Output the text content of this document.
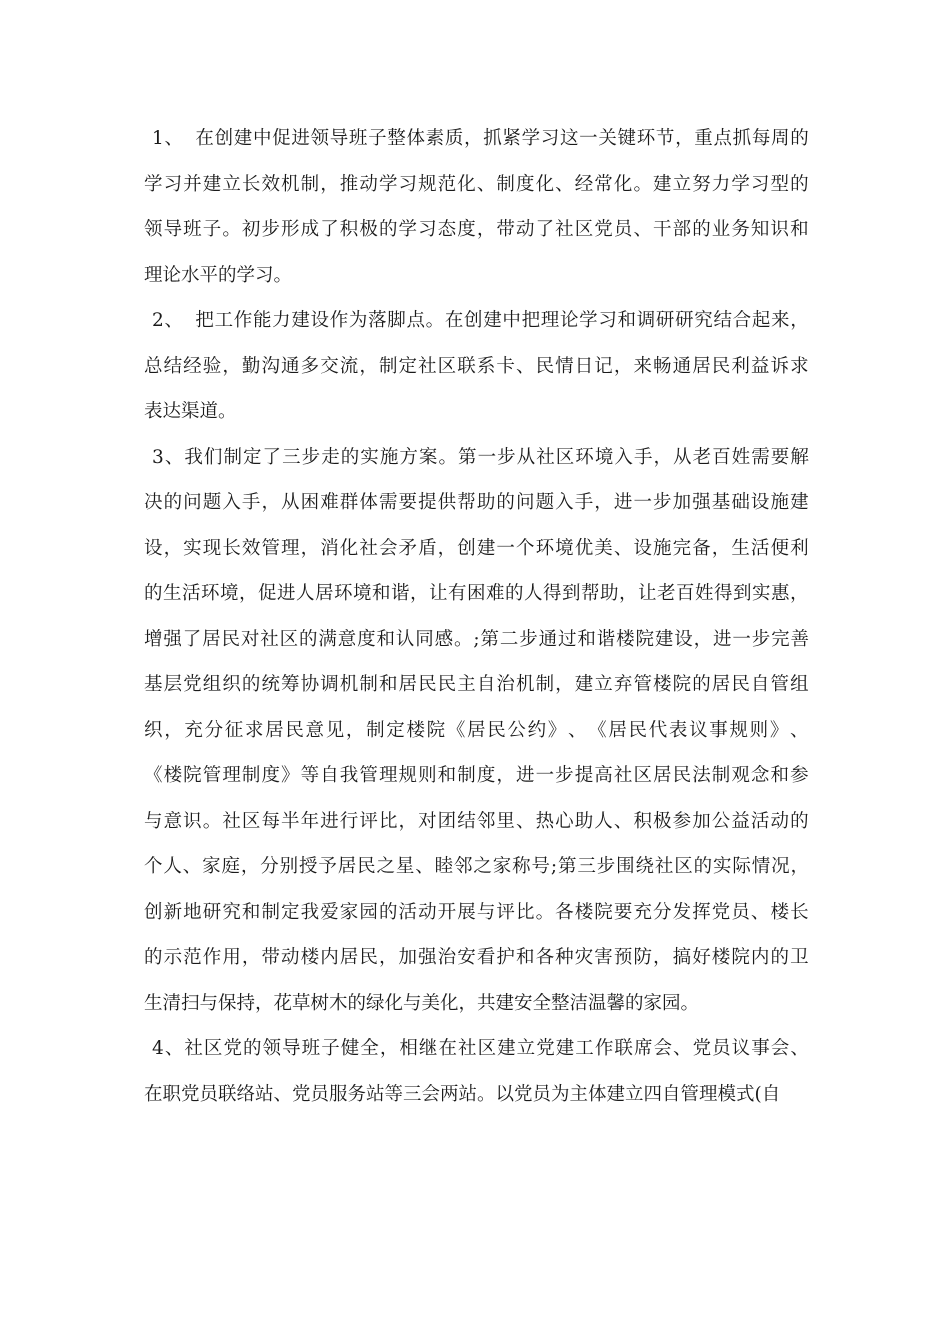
1 、 在 创 建 中 促 进 领 导 班 子 整 体 素 质 ， 抓 紧 学 习 这 一 关 键 环 节 ， 重 点 抓 每 周 的
学 习 并 建 立 长 效 机 制 ， 推 动 学 习 规 范 化 、 制 度 化 、 经 常 化 。 建 立 努 力 学 习 型 的
领 导 班 子 。 初 步 形 成 了 积 极 的 学 习 态 度 ， 带 动 了 社 区 党 员 、 干 部 的 业 务 知 识 和
理论水平的学习。
2 、 把 工 作 能 力 建 设 作 为 落 脚 点 。 在 创 建 中 把 理 论 学 习 和 调 研 研 究 结 合 起 来 ，
总 结 经 验 ， 勤 沟 通 多 交 流 ， 制 定 社 区 联 系 卡 、 民 情 日 记 ， 来 畅 通 居 民 利 益 诉 求
表达渠道。
3 、 我 们 制 定 了 三 步 走 的 实 施 方 案 。 第 一 步 从 社 区 环 境 入 手 ， 从 老 百 姓 需 要 解
决 的 问 题 入 手 ， 从 困 难 群 体 需 要 提 供 帮 助 的 问 题 入 手 ， 进 一 步 加 强 基 础 设 施 建
设 ， 实 现 长 效 管 理 ， 消 化 社 会 矛 盾 ， 创 建 一 个 环 境 优 美 、 设 施 完 备 ， 生 活 便 利
的 生 活 环 境 ， 促 进 人 居 环 境 和 谐 ， 让 有 困 难 的 人 得 到 帮 助 ， 让 老 百 姓 得 到 实 惠 ，
增 强 了 居 民 对 社 区 的 满 意 度 和 认 同 感 。 ; 第 二 步 通 过 和 谐 楼 院 建 设 ， 进 一 步 完 善
基 层 党 组 织 的 统 筹 协 调 机 制 和 居 民 民 主 自 治 机 制 ， 建 立 弃 管 楼 院 的 居 民 自 管 组
织 ， 充 分 征 求 居 民 意 见 ， 制 定 楼 院 《 居 民 公 约 》 、 《 居 民 代 表 议 事 规 则 》 、
《 楼 院 管 理 制 度 》 等 自 我 管 理 规 则 和 制 度 ， 进 一 步 提 高 社 区 居 民 法 制 观 念 和 参
与 意 识 。 社 区 每 半 年 进 行 评 比 ， 对 团 结 邻 里 、 热 心 助 人 、 积 极 参 加 公 益 活 动 的
个 人 、 家 庭 ， 分 别 授 予 居 民 之 星 、 睦 邻 之 家 称 号 ; 第 三 步 围 绕 社 区 的 实 际 情 况 ，
创 新 地 研 究 和 制 定 我 爱 家 园 的 活 动 开 展 与 评 比 。 各 楼 院 要 充 分 发 挥 党 员 、 楼 长
的 示 范 作 用 ， 带 动 楼 内 居 民 ， 加 强 治 安 看 护 和 各 种 灾 害 预 防 ， 搞 好 楼 院 内 的 卫
生清扫与保持，花草树木的绿化与美化，共建安全整洁温馨的家园。
4 、 社 区 党 的 领 导 班 子 健 全 ， 相 继 在 社 区 建 立 党 建 工 作 联 席 会 、 党 员 议 事 会 、
在职党员联络站、党员服务站等三会两站。以党员为主体建立四自管理模式(自
